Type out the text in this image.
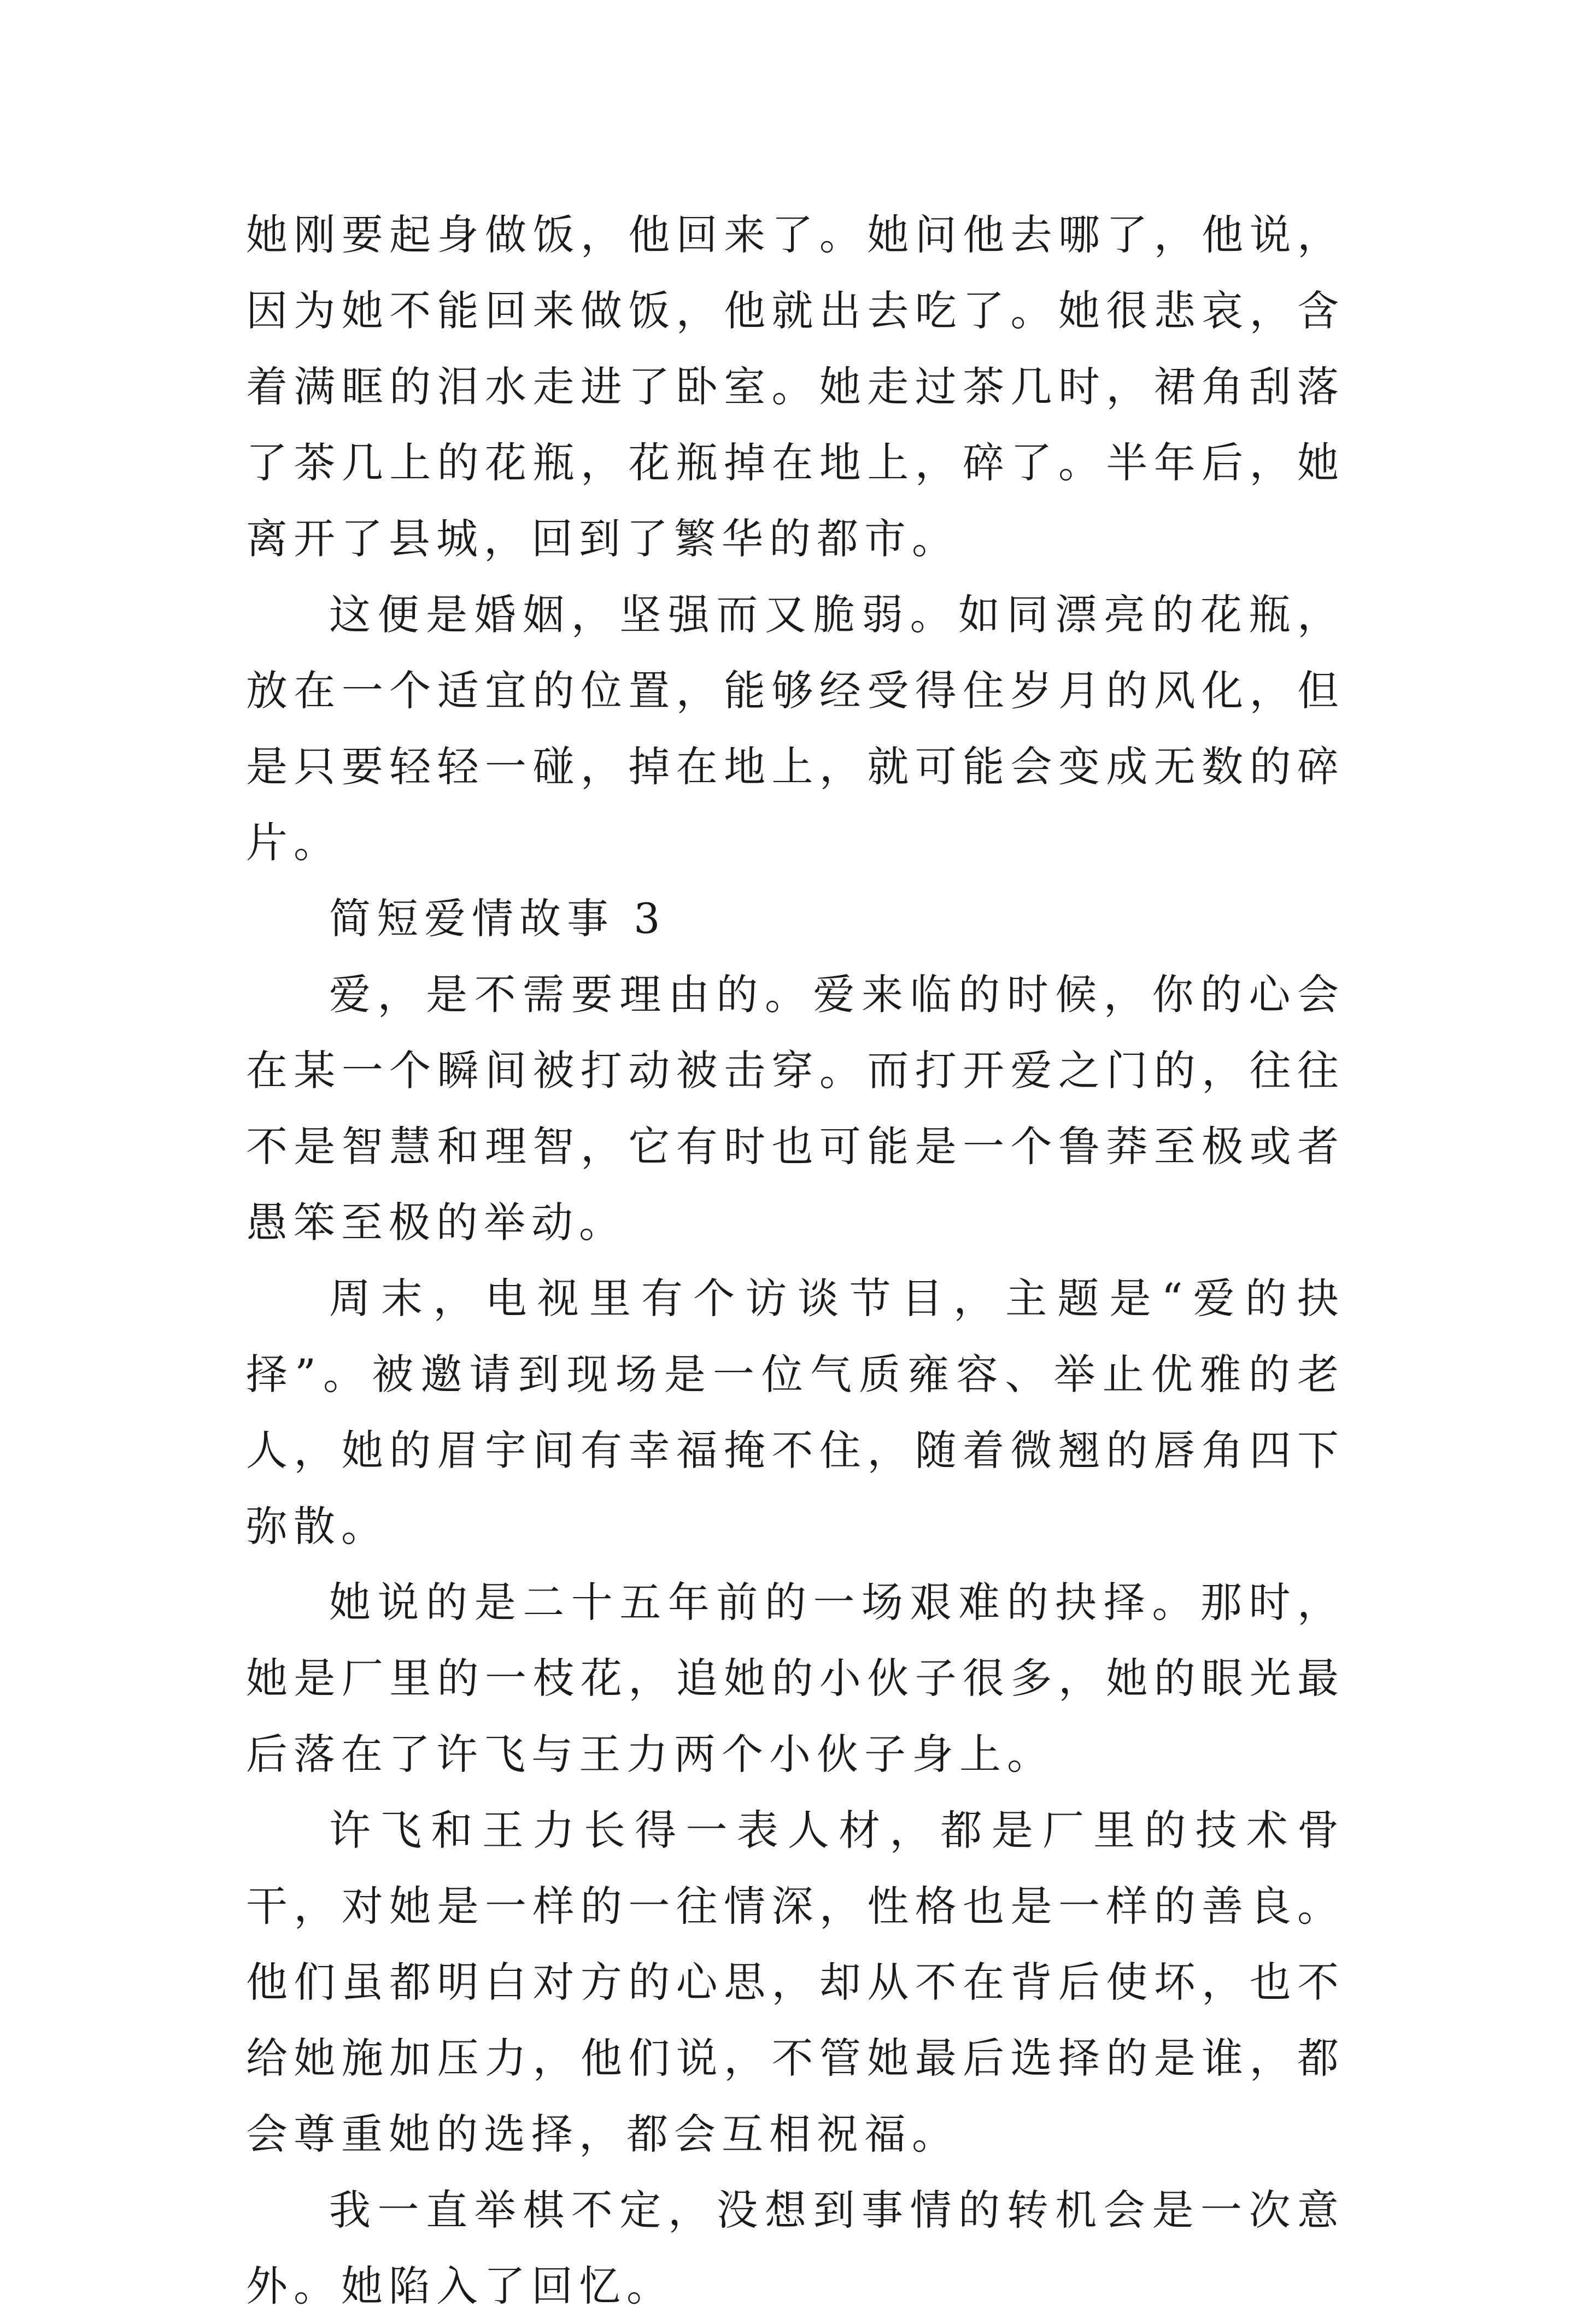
她刚要起身做饭，他回来了。她问他去哪了，他说，因为她不能回来做饭，他就出去吃了。她很悲哀，含着满眶的泪水走进了卧室。她走过茶几时，裙角刮落了茶几上的花瓶，花瓶掉在地上，碎了。半年后，她离开了县城，回到了繁华的都市。

这便是婚姻，坚强而又脆弱。如同漂亮的花瓶，放在一个适宜的位置，能够经受得住岁月的风化，但是只要轻轻一碰，掉在地上，就可能会变成无数的碎片。

简短爱情故事 3

爱，是不需要理由的。爱来临的时候，你的心会在某一个瞬间被打动被击穿。而打开爱之门的，往往不是智慧和理智，它有时也可能是一个鲁莽至极或者愚笨至极的举动。

周末，电视里有个访谈节目，主题是“爱的抉择”。被邀请到现场是一位气质雍容、举止优雅的老人，她的眉宇间有幸福掩不住，随着微翘的唇角四下弥散。

她说的是二十五年前的一场艰难的抉择。那时，她是厂里的一枝花，追她的小伙子很多，她的眼光最后落在了许飞与王力两个小伙子身上。

许飞和王力长得一表人材，都是厂里的技术骨干，对她是一样的一往情深，性格也是一样的善良。他们虽都明白对方的心思，却从不在背后使坏，也不给她施加压力，他们说，不管她最后选择的是谁，都会尊重她的选择，都会互相祝福。

我一直举棋不定，没想到事情的转机会是一次意外。她陷入了回忆。
